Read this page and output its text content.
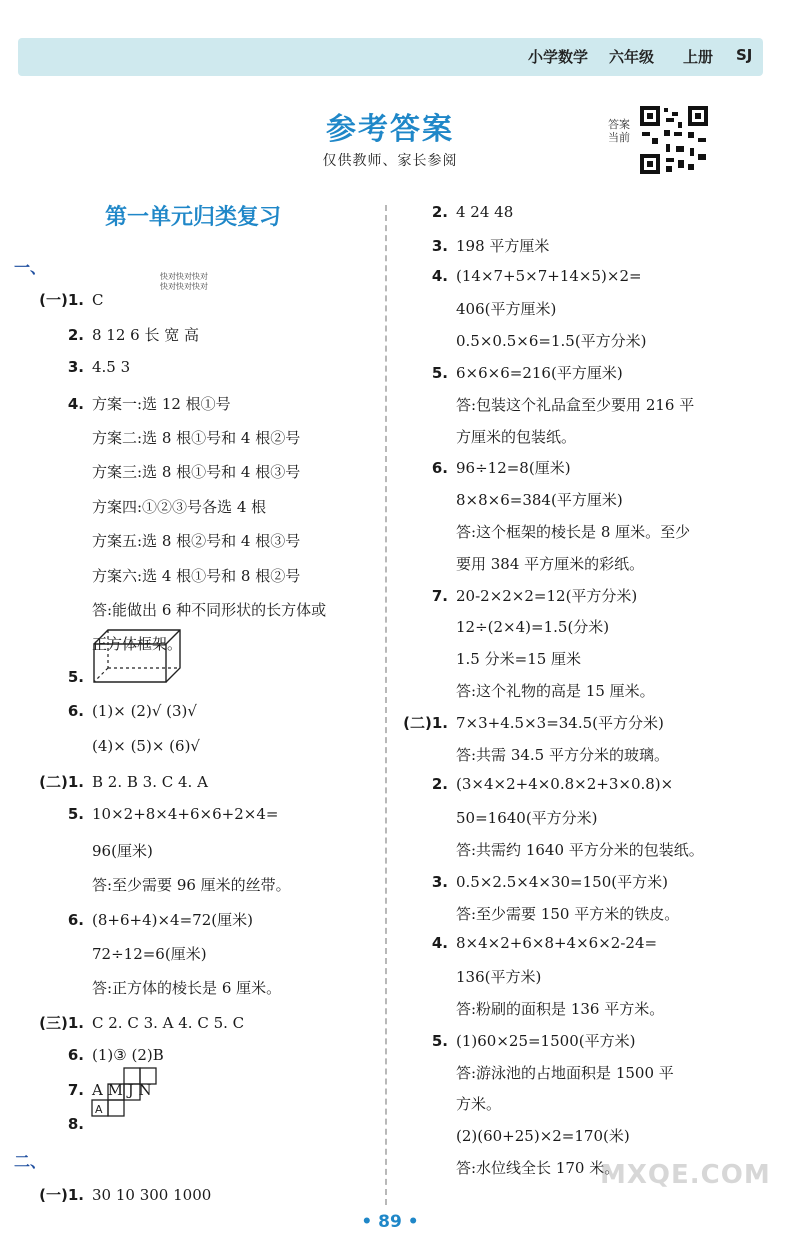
小学数学 六年级 上册 SJ
参考答案
仅供教师、家长参阅
答案当前
第一单元归类复习
快对快对快对
快对快对快对
一、
(一)1. C
2. 8 12 6 长 宽 高
3. 4.5 3
4. 方案一:选 12 根①号
方案二:选 8 根①号和 4 根②号
方案三:选 8 根①号和 4 根③号
方案四:①②③号各选 4 根
方案五:选 8 根②号和 4 根③号
方案六:选 4 根①号和 8 根②号
答:能做出 6 种不同形状的长方体或
正方体框架。
5.
6. (1)× (2)√ (3)√
(4)× (5)× (6)√
(二)1. B 2. B 3. C 4. A
5. 10×2+8×4+6×6+2×4=
96(厘米)
答:至少需要 96 厘米的丝带。
6. (8+6+4)×4=72(厘米)
72÷12=6(厘米)
答:正方体的棱长是 6 厘米。
(三)1. C 2. C 3. A 4. C 5. C
6. (1)③ (2)B
7. A M J N
8.
二、
(一)1. 30 10 300 1000
2. 4 24 48
3. 198 平方厘米
4. (14×7+5×7+14×5)×2=
406(平方厘米)
0.5×0.5×6=1.5(平方分米)
5. 6×6×6=216(平方厘米)
答:包装这个礼品盒至少要用 216 平
方厘米的包装纸。
6. 96÷12=8(厘米)
8×8×6=384(平方厘米)
答:这个框架的棱长是 8 厘米。至少
要用 384 平方厘米的彩纸。
7. 20-2×2×2=12(平方分米)
12÷(2×4)=1.5(分米)
1.5 分米=15 厘米
答:这个礼物的高是 15 厘米。
(二)1. 7×3+4.5×3=34.5(平方分米)
答:共需 34.5 平方分米的玻璃。
2. (3×4×2+4×0.8×2+3×0.8)×
50=1640(平方分米)
答:共需约 1640 平方分米的包装纸。
3. 0.5×2.5×4×30=150(平方米)
答:至少需要 150 平方米的铁皮。
4. 8×4×2+6×8+4×6×2-24=
136(平方米)
答:粉刷的面积是 136 平方米。
5. (1)60×25=1500(平方米)
答:游泳池的占地面积是 1500 平
方米。
(2)(60+25)×2=170(米)
答:水位线全长 170 米。
A
• 89 •
MXQE.COM
